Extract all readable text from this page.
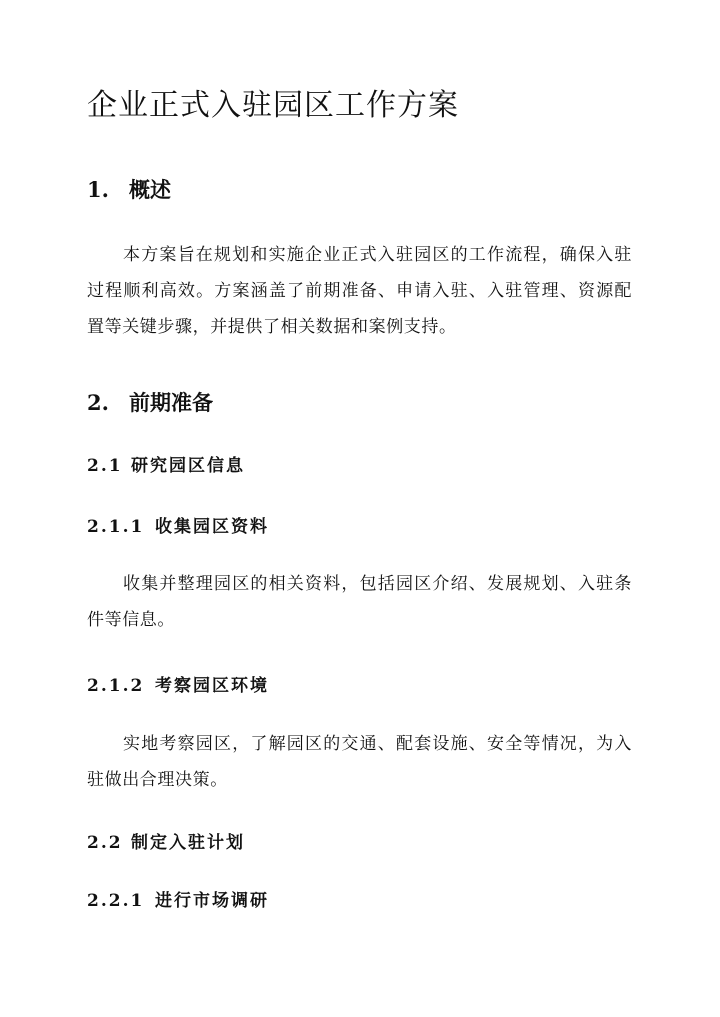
企业正式入驻园区工作方案
1. 概述
本方案旨在规划和实施企业正式入驻园区的工作流程，确保入驻过程顺利高效。方案涵盖了前期准备、申请入驻、入驻管理、资源配置等关键步骤，并提供了相关数据和案例支持。
2. 前期准备
2.1 研究园区信息
2.1.1 收集园区资料
收集并整理园区的相关资料，包括园区介绍、发展规划、入驻条件等信息。
2.1.2 考察园区环境
实地考察园区，了解园区的交通、配套设施、安全等情况，为入驻做出合理决策。
2.2 制定入驻计划
2.2.1 进行市场调研
